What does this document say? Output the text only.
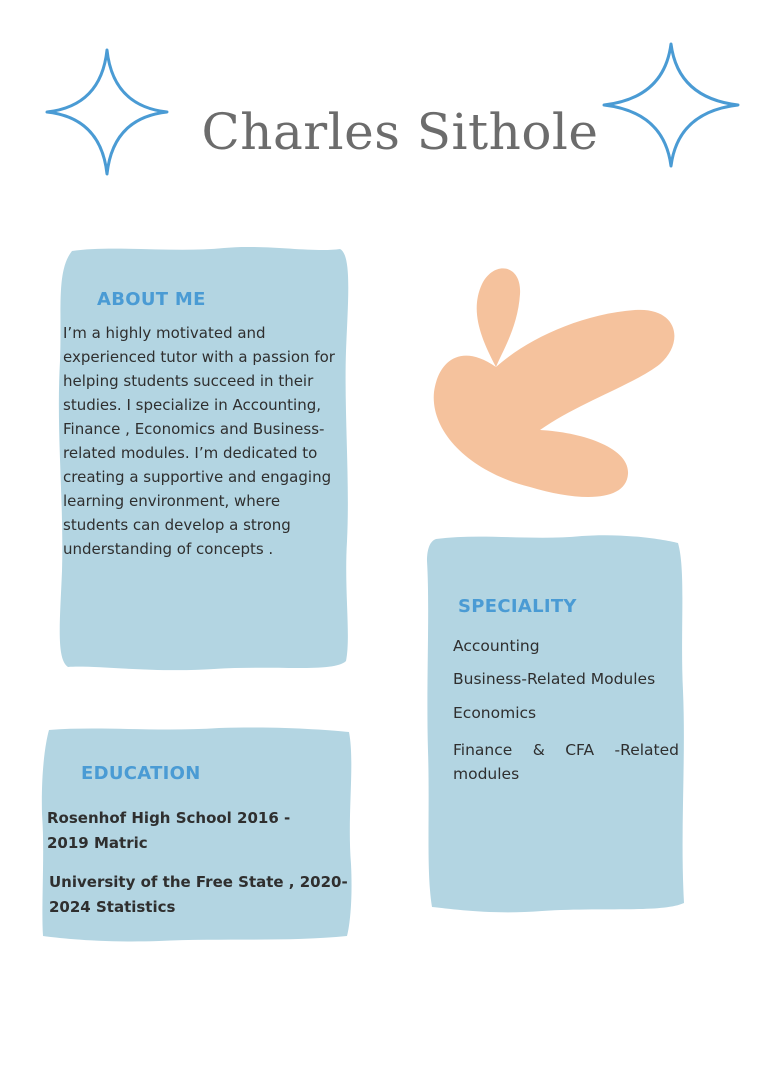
Charles Sithole
ABOUT ME

I’m a highly motivated and experienced tutor with a passion for helping students succeed in their studies. I specialize in Accounting, Finance , Economics and Business-related modules. I’m dedicated to creating a supportive and engaging learning environment, where students can develop a strong understanding of concepts .

SPECIALITY
Accounting
Business-Related Modules
Economics
Finance & CFA -Related modules
EDUCATION

Rosenhof High School 2016 - 2019 Matric

University of the Free State , 2020-2024 Statistics
